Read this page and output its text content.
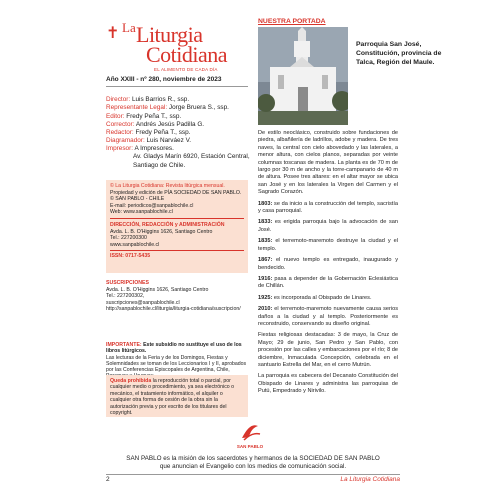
✝ La Liturgia
Cotidiana
EL ALIMENTO DE CADA DÍA
Año XXIII - nº 280, noviembre de 2023
Director: Luis Barrios R., ssp.
Representante Legal: Jorge Bruera S., ssp.
Editor: Fredy Peña T., ssp.
Corrector: Andrés Jesús Padilla G.
Redactor: Fredy Peña T., ssp.
Diagramador: Luis Narváez V.
Impresor: A Impresores.
Av. Gladys Marín 6920, Estación Central,
Santiago de Chile.
© La Liturgia Cotidiana: Revista litúrgica mensual.
Propiedad y edición de PÍA SOCIEDAD DE SAN PABLO.
© SAN PABLO - CHILE
E-mail: periodicos@sanpablochile.cl
Web: www.sanpablochile.cl
DIRECCIÓN, REDACCIÓN y ADMINISTRACIÓN
Avda. L. B. O'Higgins 1626, Santiago Centro
Tel.: 227200300
www.sanpablochile.cl
ISSN: 0717-5435
SUSCRIPCIONES
Avda. L. B. O'Higgins 1626, Santiago Centro
Tel.: 227200302,
suscripciones@sanpablochile.cl
http://sanpablochile.cl/liturgia/liturgia-cotidiana/suscripcion/
IMPORTANTE: Este subsidio no sustituye el uso de los libros litúrgicos.
Las lecturas de la Feria y de los Domingos, Fiestas y Solemnidades se toman de los Leccionarios I y II, aprobados por las Conferencias Episcopales de Argentina, Chile,
Queda prohibida la reproducción total o parcial, por cualquier medio o procedimiento, ya sea electrónico o mecánico, el tratamiento informático, el alquiler o cualquier otra forma de cesión de la obra sin la autorización previa y por escrito de los titulares del copyright.
SAN PABLO
NUESTRA PORTADA
Parroquia San José, Constitución, provincia de Talca, Región del Maule.

De estilo neoclásico, construido sobre fundaciones de piedra, albañilería de ladrillos, adobe y madera. De tres naves, la central con cielo abovedado y las laterales, a menor altura, con cielos planos, separadas por veinte columnas toscanas de madera. La planta es de 70 m de largo por 30 m de ancho y la torre-campanario de 40 m de altura. Posee tres altares: en el altar mayor se ubica san José y en los laterales la Virgen del Carmen y el Sagrado Corazón.

1803: se da inicio a la construcción del templo, sacristía y casa parroquial.

1833: es erigida parroquia bajo la advocación de san José.

1835: el terremoto-maremoto destruye la ciudad y el templo.

1867: el nuevo templo es entregado, inaugurado y bendecido.

1916: pasa a depender de la Gobernación Eclesiástica de Chillán.

1925: es incorporada al Obispado de Linares.

2010: el terremoto-maremoto nuevamente causa serios daños a la ciudad y al templo. Posteriormente es reconstruido, conservando su diseño original.

Fiestas religiosas destacadas: 3 de mayo, la Cruz de Mayo; 29 de junio, San Pedro y San Pablo, con procesión por las calles y embarcaciones por el río; 8 de diciembre, Inmaculada Concepción, celebrada en el santuario Estrella del Mar, en el cerro Mutrún.

La parroquia es cabecera del Decanato Constitución del Obispado de Linares y administra las parroquias de Putú, Empedrado y Nirivilo.

SAN PABLO es la misión de los sacerdotes y hermanos de la SOCIEDAD DE SAN PABLO
que anuncian el Evangelio con los medios de comunicación social.
2	La Liturgia Cotidiana
